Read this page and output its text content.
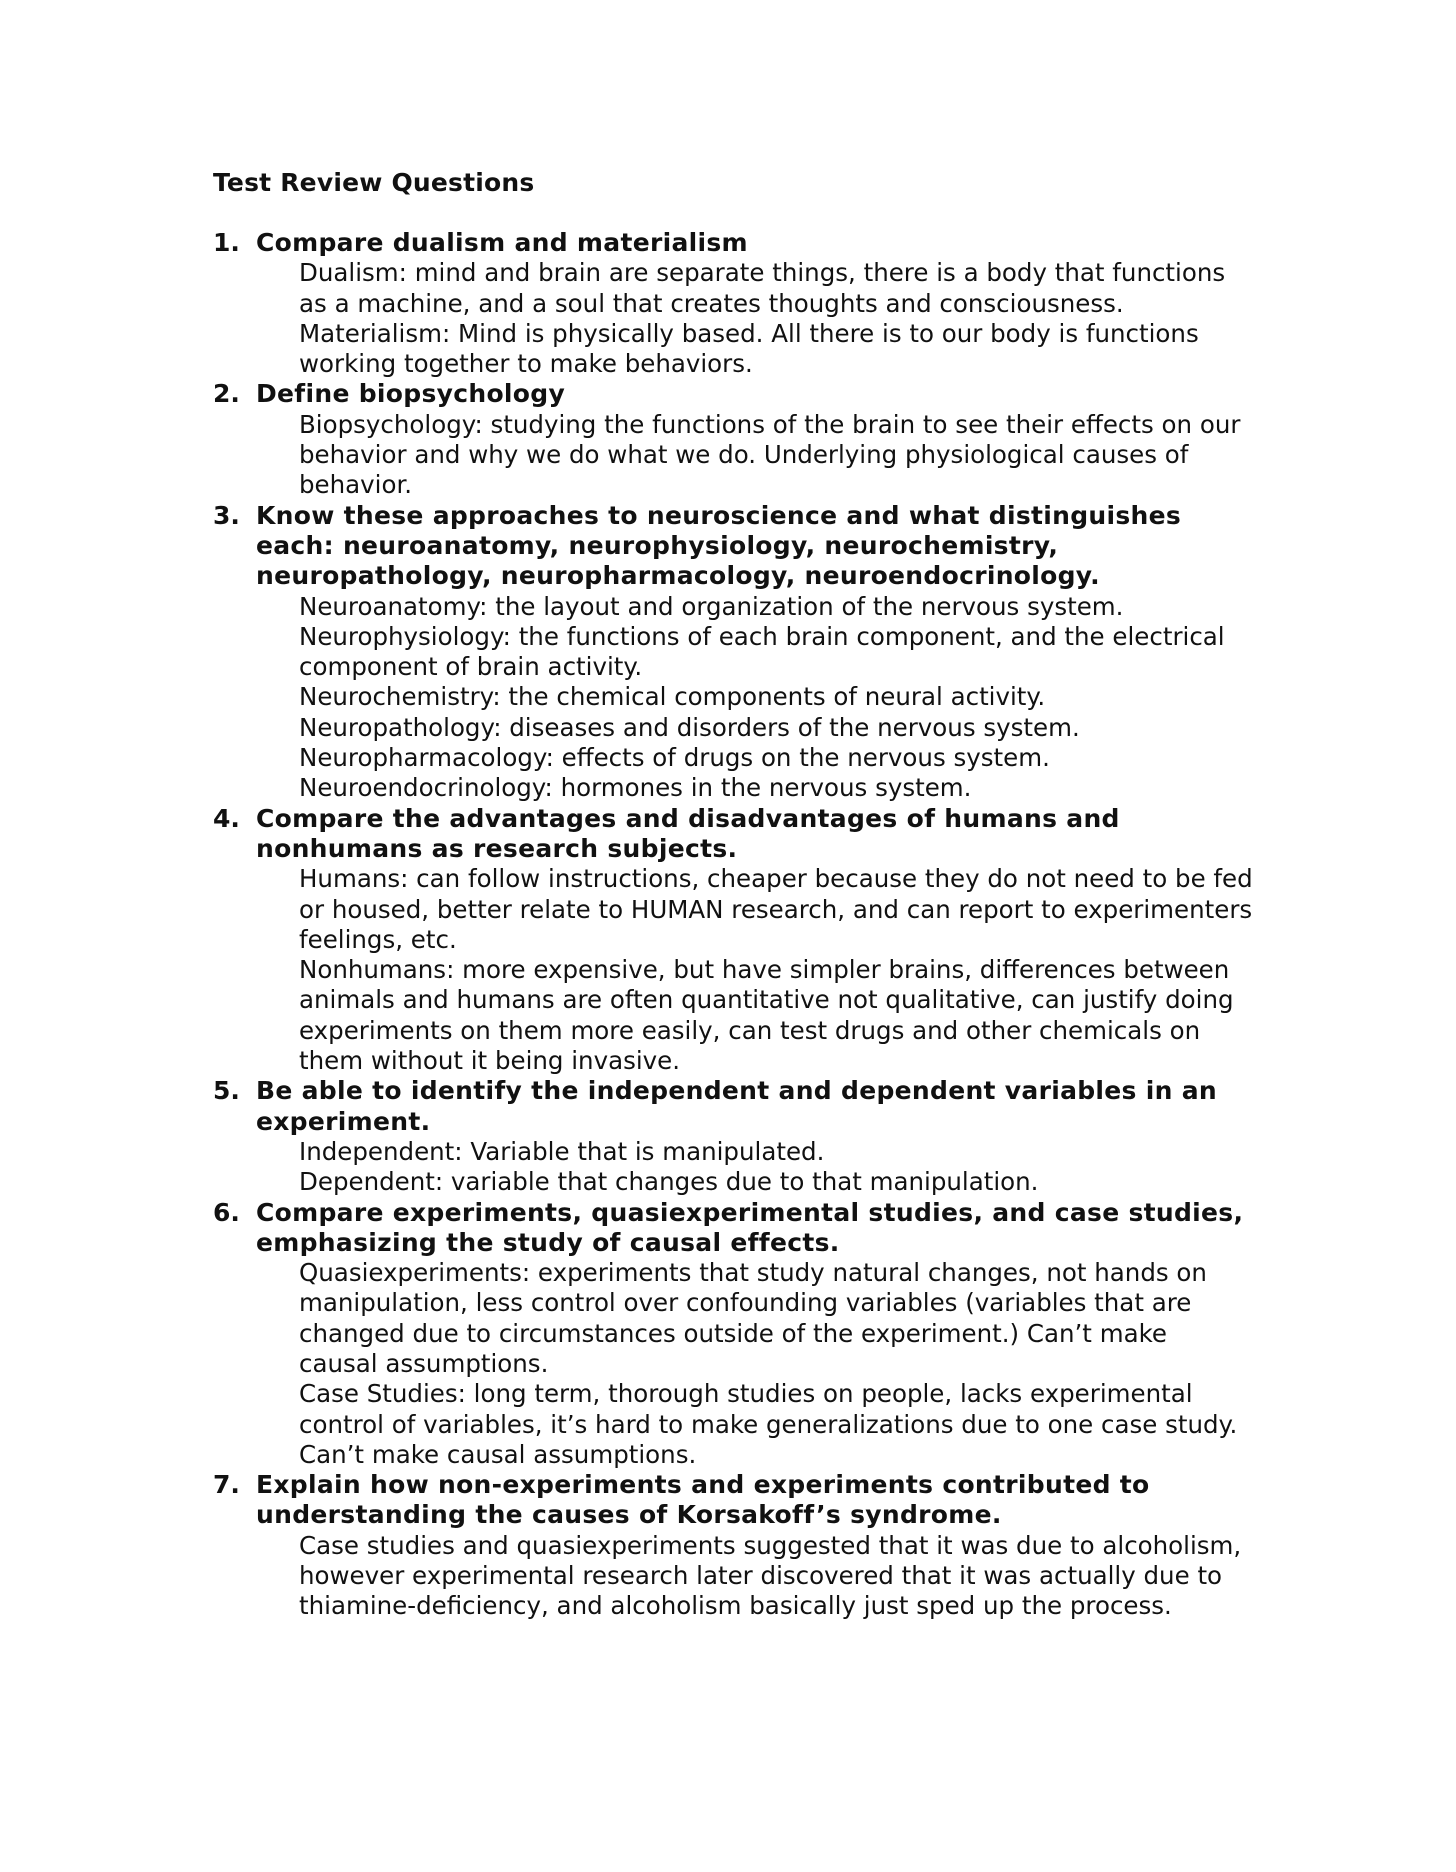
Test Review Questions
1. Compare dualism and materialism

Dualism: mind and brain are separate things, there is a body that functions as a machine, and a soul that creates thoughts and consciousness.

Materialism: Mind is physically based. All there is to our body is functions working together to make behaviors.

2. Define biopsychology

Biopsychology: studying the functions of the brain to see their effects on our behavior and why we do what we do. Underlying physiological causes of behavior.

3. Know these approaches to neuroscience and what distinguishes each: neuroanatomy, neurophysiology, neurochemistry, neuropathology, neuropharmacology, neuroendocrinology.

Neuroanatomy: the layout and organization of the nervous system.

Neurophysiology: the functions of each brain component, and the electrical component of brain activity.

Neurochemistry: the chemical components of neural activity.

Neuropathology: diseases and disorders of the nervous system.

Neuropharmacology: effects of drugs on the nervous system.

Neuroendocrinology: hormones in the nervous system.

4. Compare the advantages and disadvantages of humans and nonhumans as research subjects.

Humans: can follow instructions, cheaper because they do not need to be fed or housed, better relate to HUMAN research, and can report to experimenters feelings, etc.

Nonhumans: more expensive, but have simpler brains, differences between animals and humans are often quantitative not qualitative, can justify doing experiments on them more easily, can test drugs and other chemicals on them without it being invasive.

5. Be able to identify the independent and dependent variables in an experiment.

Independent: Variable that is manipulated.

Dependent: variable that changes due to that manipulation.

6. Compare experiments, quasiexperimental studies, and case studies, emphasizing the study of causal effects.

Quasiexperiments: experiments that study natural changes, not hands on manipulation, less control over confounding variables (variables that are changed due to circumstances outside of the experiment.) Can’t make causal assumptions.

Case Studies: long term, thorough studies on people, lacks experimental control of variables, it’s hard to make generalizations due to one case study. Can’t make causal assumptions.

7. Explain how non-experiments and experiments contributed to understanding the causes of Korsakoff’s syndrome.

Case studies and quasiexperiments suggested that it was due to alcoholism, however experimental research later discovered that it was actually due to thiamine-deficiency, and alcoholism basically just sped up the process.
